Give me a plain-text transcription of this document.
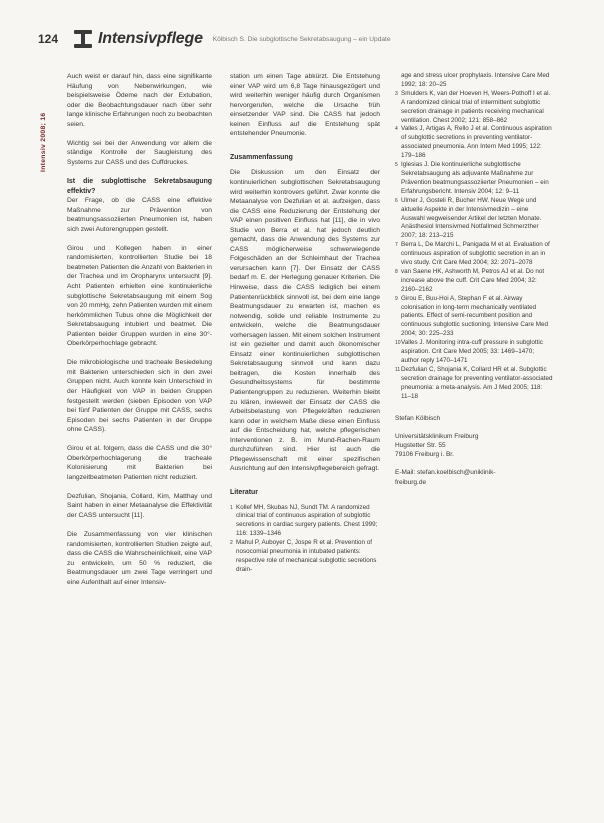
124	Intensivpflege Kölbisch S. Die subglottische Sekretabsaugung – ein Update
Intensiv 2008; 16

Auch weist er darauf hin, dass eine signifikante Häufung von Nebenwirkungen, wie beispielsweise Ödeme nach der Extubation, oder die Beobachtungsdauer nach über sehr lange klinische Erfahrungen noch zu beobachten seien.

Wichtig sei bei der Anwendung vor allem die ständige Kontrolle der Saugleistung des Systems zur CASS und des Cuffdruckes.

Ist die subglottische Sekretabsaugung effektiv?

Der Frage, ob die CASS eine effektive Maßnahme zur Prävention von beatmungsassoziierten Pneumonien ist, haben sich zwei Autorengruppen gestellt.

Girou und Kollegen haben in einer randomisierten, kontrollierten Studie bei 18 beatmeten Patienten die Anzahl von Bakterien in der Trachea und im Oropharynx untersucht [9]. Acht Patienten erhielten eine kontinuierliche subglottische Sekretabsaugung mit einem Sog von 20 mmHg, zehn Patienten wurden mit einem herkömmlichen Tubus ohne die Möglichkeit der Sekretabsaugung intubiert und beatmet. Die Patienten beider Gruppen wurden in eine 30°-Oberkörperhochlage gebracht.

Die mikrobiologische und tracheale Besiedelung mit Bakterien unterschieden sich in den zwei Gruppen nicht. Auch konnte kein Unterschied in der Häufigkeit von VAP in beiden Gruppen festgestellt werden (sieben Episoden von VAP bei fünf Patienten der Gruppe mit CASS, sechs Episoden bei sechs Patienten in der Gruppe ohne CASS).

Girou et al. folgern, dass die CASS und die 30° Oberkörperhochlagerung die tracheale Kolonisierung mit Bakterien bei langzeitbeatmeten Patienten nicht reduziert.

Dezfulian, Shojania, Collard, Kim, Matthay und Saint haben in einer Metaanalyse die Effektivität der CASS untersucht [11].

Die Zusammenfassung von vier klinischen randomisierten, kontrollierten Studien zeigte auf, dass die CASS die Wahrscheinlichkeit, eine VAP zu entwickeln, um 50 % reduziert, die Beatmungsdauer um zwei Tage verringert und eine Aufenthalt auf einer Intensiv-

station um einen Tage abkürzt. Die Entstehung einer VAP wird um 6,8 Tage hinausgezögert und wird weiterhin weniger häufig durch Organismen hervorgerufen, welche die Ursache früh einsetzender VAP sind. Die CASS hat jedoch keinen Einfluss auf die Entstehung spät entstehender Pneumonie.

Zusammenfassung

Die Diskussion um den Einsatz der kontinuierlichen subglottischen Sekretabsaugung wird weiterhin kontrovers geführt. Zwar konnte die Metaanalyse von Dezfulian et al. aufzeigen, dass die CASS eine Reduzierung der Entstehung der VAP einen positiven Einfluss hat [11], die in vivo Studie von Berra et al. hat jedoch deutlich gemacht, dass die Anwendung des Systems zur CASS möglicherweise schwerwiegende Folgeschäden an der Schleimhaut der Trachea verursachen kann [7]. Der Einsatz der CASS bedarf m. E. der Herlegung genauer Kriterien. Die Hinweise, dass die CASS lediglich bei einem Patientenrückblick sinnvoll ist, bei dem eine lange Beatmungsdauer zu erwarten ist, machen es notwendig, solide und reliable Instrumente zu entwickeln, welche die Beatmungsdauer vorhersagen lassen. Mit einem solchen Instrument ist ein gezielter und damit auch ökonomischer Einsatz einer kontinuierlichen subglottischen Sekretabsaugung sinnvoll und kann dazu beitragen, die Kosten innerhalb des Gesundheitssystems für bestimmte Patientengruppen zu reduzieren. Weiterhin bleibt zu klären, inwieweit der Einsatz der CASS die Arbeitsbelastung von Pflegekräften reduzieren kann oder in welchem Maße diese einen Einfluss auf die Entscheidung hat, welche pflegerischen Interventionen z. B. im Mund-Rachen-Raum durchzuführen sind. Hier ist auch die Pflegewissenschaft mit einer spezifischen Ausrichtung auf den Intensivpflegebereich gefragt.

Literatur
1 Kollef MH, Skubas NJ, Sundt TM. A randomized clinical trial of continuous aspiration of subglottic secretions in cardiac surgery patients. Chest 1999; 116: 1339–1346
2 Mahul P, Auboyer C, Jospe R et al. Prevention of nosocomial pneumonia in intubated patients: respective role of mechanical subglottic secretions drain-
age and stress ulcer prophylaxis. Intensive Care Med 1992; 18: 20–25
3 Smulders K, van der Hoeven H, Weers-Pothoff I et al. A randomized clinical trial of intermittent subglottic secretion drainage in patients receiving mechanical ventilation. Chest 2002; 121: 858–862
4 Valles J, Artigas A, Rello J et al. Continuous aspiration of subglottic secretions in preventing ventilator-associated pneumonia. Ann Intern Med 1995; 122: 179–186
5 Iglesias J. Die kontinuierliche subglottische Sekretabsaugung als adjuvante Maßnahme zur Prävention beatmungsassoziierter Pneumonien – ein Erfahrungsbericht. Intensiv 2004; 12: 9–11
6 Ulmer J, Gosteli R, Bucher HW. Neue Wege und aktuelle Aspekte in der Intensivmedizin – eine Auswahl wegweisender Artikel der letzten Monate. Anästhesiol Intensivmed Notfallmed Schmerzther 2007; 18: 213–215
7 Berra L, De Marchi L, Panigada M et al. Evaluation of continuous aspiration of subglottic secretion in an in vivo study. Crit Care Med 2004; 32: 2071–2078
8 van Saene HK, Ashworth M, Petros AJ et al. Do not increase above the cuff. Crit Care Med 2004; 32: 2160–2162
9 Girou E, Buu-Hoi A, Stephan F et al. Airway colonisation in long-term mechanically ventilated patients. Effect of semi-recumbent position and continuous subglottic suctioning. Intensive Care Med 2004; 30: 225–233
10 Valles J. Monitoring intra-cuff pressure in subglottic aspiration. Crit Care Med 2005; 33: 1469–1470; author reply 1470–1471
11 Dezfulian C, Shojania K, Collard HR et al. Subglottic secretion drainage for preventing ventilator-associated pneumonia: a meta-analysis. Am J Med 2005; 118: 11–18
Stefan Kölbisch
Universitätsklinikum Freiburg
Hugstetter Str. 55
79106 Freiburg i. Br.
E-Mail: stefan.koelbisch@uniklinik-
freiburg.de
